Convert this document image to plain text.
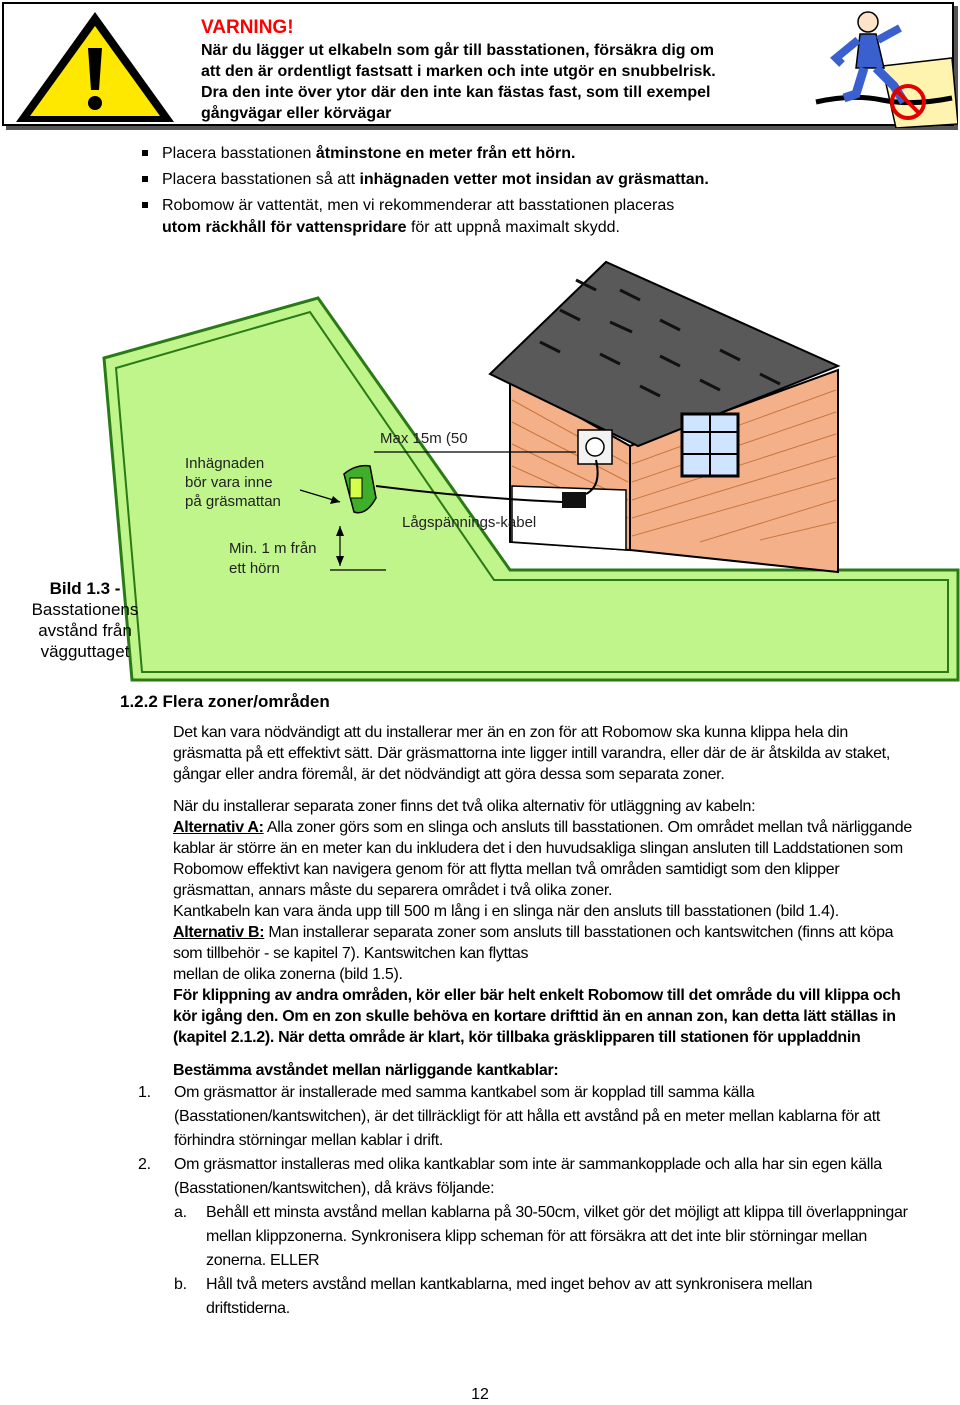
VARNING!
När du lägger ut elkabeln som går till basstationen, försäkra dig om
att den är ordentligt fastsatt i marken och inte utgör en snubbelrisk.
Dra den inte över ytor där den inte kan fästas fast, som till exempel
gångvägar eller körvägar
Placera basstationen åtminstone en meter från ett hörn.
Placera basstationen så att inhägnaden vetter mot insidan av gräsmattan.
Robomow är vattentät, men vi rekommenderar att basstationen placeras
utom räckhåll för vattenspridare för att uppnå maximalt skydd.
Inhägnaden
bör vara inne
på gräsmattan
Max 15m (50
Lågspännings-kabel
Min. 1 m från
ett hörn
Bild 1.3 -
Basstationens
avstånd från
vägguttaget
1.2.2 Flera zoner/områden
Det kan vara nödvändigt att du installerar mer än en zon för att Robomow ska kunna klippa hela din
gräsmatta på ett effektivt sätt. Där gräsmattorna inte ligger intill varandra, eller där de är åtskilda av staket,
gångar eller andra föremål, är det nödvändigt att göra dessa som separata zoner.
När du installerar separata zoner finns det två olika alternativ för utläggning av kabeln:
Alternativ A: Alla zoner görs som en slinga och ansluts till basstationen. Om området mellan två närliggande
kablar är större än en meter kan du inkludera det i den huvudsakliga slingan ansluten till Laddstationen som
Robomow effektivt kan navigera genom för att flytta mellan två områden samtidigt som den klipper
gräsmattan, annars måste du separera området i två olika zoner.
Kantkabeln kan vara ända upp till 500 m lång i en slinga när den ansluts till basstationen (bild 1.4).
Alternativ B: Man installerar separata zoner som ansluts till basstationen och kantswitchen (finns att köpa
som tillbehör - se kapitel 7). Kantswitchen kan flyttas
mellan de olika zonerna (bild 1.5).
För klippning av andra områden, kör eller bär helt enkelt Robomow till det område du vill klippa och
kör igång den. Om en zon skulle behöva en kortare drifttid än en annan zon, kan detta lätt ställas in
(kapitel 2.1.2). När detta område är klart, kör tillbaka gräsklipparen till stationen för uppladdnin
Bestämma avståndet mellan närliggande kantkablar:
1. Om gräsmattor är installerade med samma kantkabel som är kopplad till samma källa
(Basstationen/kantswitchen), är det tillräckligt för att hålla ett avstånd på en meter mellan kablarna för att
förhindra störningar mellan kablar i drift.
2. Om gräsmattor installeras med olika kantkablar som inte är sammankopplade och alla har sin egen källa
(Basstationen/kantswitchen), då krävs följande:
a. Behåll ett minsta avstånd mellan kablarna på 30-50cm, vilket gör det möjligt att klippa till överlappningar
mellan klippzonerna. Synkronisera klipp scheman för att försäkra att det inte blir störningar mellan
zonerna. ELLER
b. Håll två meters avstånd mellan kantkablarna, med inget behov av att synkronisera mellan
driftstiderna.
12
